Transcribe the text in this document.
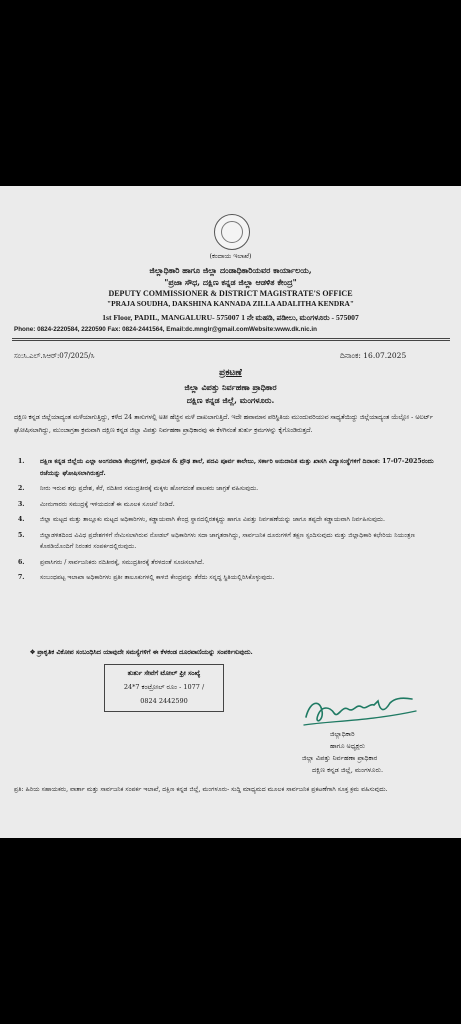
(ಕಂದಾಯ ಇಲಾಖೆ)
ಜಿಲ್ಲಾಧಿಕಾರಿ ಹಾಗೂ ಜಿಲ್ಲಾ ದಂಡಾಧಿಕಾರಿಯವರ ಕಾರ್ಯಾಲಯ,
"ಪ್ರಜಾ ಸೌಧ, ದಕ್ಷಿಣ ಕನ್ನಡ ಜಿಲ್ಲಾ ಆಡಳಿತ ಕೇಂದ್ರ"
DEPUTY COMMISSIONER & DISTRICT MAGISTRATE'S OFFICE
"PRAJA SOUDHA, DAKSHINA KANNADA ZILLA ADALITHA KENDRA"
1st Floor, PADIL, MANGALURU- 575007 1 ನೇ ಮಹಡಿ, ಪಡೀಲು, ಮಂಗಳೂರು - 575007
Phone: 0824-2220584, 2220590 Fax: 0824-2441564, Email:dc.mnglr@gmail.comWebsite:www.dk.nic.in
ಸಂ:ಸಿ.ಎಲ್.ಸಿಆರ್:07/2025/ಸಿ	ದಿನಾಂಕ: 16.07.2025
ಪ್ರಕಟಣೆ
ಜಿಲ್ಲಾ ವಿಪತ್ತು ನಿರ್ವಹಣಾ ಪ್ರಾಧಿಕಾರ
ದಕ್ಷಿಣ ಕನ್ನಡ ಜಿಲ್ಲೆ, ಮಂಗಳೂರು.
ದಕ್ಷಿಣ ಕನ್ನಡ ಜಿಲ್ಲೆಯಾದ್ಯಂತ ಮಳೆಯಾಗುತ್ತಿದ್ದು, ಕಳೆದ 24 ತಾಸುಗಳಲ್ಲಿ ಅತೀ ಹೆಚ್ಚಿನ ಮಳೆ ದಾಖಲಾಗುತ್ತಿದೆ. ಇದೇ ಹವಾಮಾನ ಪರಿಸ್ಥಿತಿಯ ಮುಂದುವರಿಯುವ ಸಾಧ್ಯತೆಯಿದ್ದು ಜಿಲ್ಲೆಯಾದ್ಯಂತ ಯೆಲ್ಲೋ - ಅಲರ್ಟ್ ಘೋಷಿಸಲಾಗಿದ್ದು, ಮುಂಜಾಗ್ರತಾ ಕ್ರಮವಾಗಿ ದಕ್ಷಿಣ ಕನ್ನಡ ಜಿಲ್ಲಾ ವಿಪತ್ತು ನಿರ್ವಹಣಾ ಪ್ರಾಧಿಕಾರವು ಈ ಕೆಳಗಿನಂತೆ ತುರ್ತು ಕ್ರಮಗಳನ್ನು ಕೈಗೊಂಡಿರುತ್ತದೆ.
1.	ದಕ್ಷಿಣ ಕನ್ನಡ ಜಿಲ್ಲೆಯ ಎಲ್ಲಾ ಅಂಗನವಾಡಿ ಕೇಂದ್ರಗಳಿಗೆ, ಪ್ರಾಥಮಿಕ & ಪ್ರೌಢ ಶಾಲೆ, ಪದವಿ ಪೂರ್ವ ಕಾಲೇಜು, ಸರ್ಕಾರಿ ಅನುದಾನಿತ ಮತ್ತು ಖಾಸಗಿ ವಿದ್ಯಾಸಂಸ್ಥೆಗಳಿಗೆ ದಿನಾಂಕ: 17-07-2025ರಂದು ರಜೆಯನ್ನು ಘೋಷಿಸಲಾಗಿರುತ್ತದೆ.
2.	ನೀರು ಇರುವ ತಗ್ಗು ಪ್ರದೇಶ, ಕೆರೆ, ನದಿತೀರ ಸಮುದ್ರತೀರಕ್ಕೆ ಮಕ್ಕಳು ಹೋಗದಂತೆ ಪಾಲಕರು ಜಾಗ್ರತೆ ವಹಿಸುವುದು.
3.	ಮೀನುಗಾರರು ಸಮುದ್ರಕ್ಕೆ ಇಳಿಯದಂತೆ ಈ ಮೂಲಕ ಸೂಚನೆ ನೀಡಿದೆ.
4.	ಜಿಲ್ಲಾ ಮಟ್ಟದ ಮತ್ತು ತಾಲ್ಲೂಕು ಮಟ್ಟದ ಅಧಿಕಾರಿಗಳು, ಕಡ್ಡಾಯವಾಗಿ ಕೇಂದ್ರ ಸ್ಥಾನದಲ್ಲಿರತಕ್ಕದ್ದು ಹಾಗೂ ವಿಪತ್ತು ನಿರ್ವಹಣೆಯನ್ನು ಜಾಗೂ ತಪ್ಪದೇ ಕಡ್ಡಾಯವಾಗಿ ನಿರ್ವಹಿಸುವುದು.
5.	ಜಿಲ್ಲಾಡಳಿತದಿಂದ ವಿವಿಧ ಪ್ರದೇಶಗಳಿಗೆ ನೇಮಿಸಲಾಗಿರುವ ನೋಡಲ್ ಅಧಿಕಾರಿಗಳು ಸದಾ ಜಾಗೃತರಾಗಿದ್ದು, ಸಾರ್ವಜನಿಕ ದೂರುಗಳಿಗೆ ತಕ್ಷಣ ಸ್ಪಂದಿಸುವುದು ಮತ್ತು ಜಿಲ್ಲಾಧಿಕಾರಿ ಕಛೇರಿಯ ನಿಯಂತ್ರಣ ಕೊಠಡಿಯೊಂದಿಗೆ ನಿರಂತರ ಸಂಪರ್ಕದಲ್ಲಿರುವುದು.
6.	ಪ್ರವಾಸಿಗರು / ಸಾರ್ವಜನಿಕರು ನದಿತೀರಕ್ಕೆ, ಸಮುದ್ರತೀರಕ್ಕೆ ತೆರಳದಂತೆ ಸೂಚಿಸಲಾಗಿದೆ.
7.	ಸಂಬಂಧಪಟ್ಟ ಇಲಾಖಾ ಅಧಿಕಾರಿಗಳು ಪ್ರತೀ ತಾಲೂಕುಗಳಲ್ಲಿ ಕಾಳಜಿ ಕೇಂದ್ರವನ್ನು ತೆರೆದು ಸನ್ನದ್ಧ ಸ್ಥಿತಿಯಲ್ಲಿರಿಸಿಕೊಳ್ಳುವುದು.
❖ ಪ್ರಾಕೃತಿಕ ವಿಕೋಪ ಸಂಬಂಧಿಸಿದ ಯಾವುದೇ ಸಮಸ್ಯೆಗಳಿಗೆ ಈ ಕೆಳಕಂಡ ದೂರವಾಣಿಯನ್ನು ಸಂಪರ್ಕಿಸುವುದು.
ತುರ್ತು ಸೇವೆಗೆ ಟೋಲ್ ಫ್ರೀ ಸಂಖ್ಯೆ
24*7 ಕಂಟ್ರೋಲ್ ರೂಂ - 1077 /
0824 2442590
ಜಿಲ್ಲಾಧಿಕಾರಿ
ಹಾಗೂ ಅಧ್ಯಕ್ಷರು
ಜಿಲ್ಲಾ ವಿಪತ್ತು ನಿರ್ವಹಣಾ ಪ್ರಾಧಿಕಾರ
ದಕ್ಷಿಣ ಕನ್ನಡ ಜಿಲ್ಲೆ, ಮಂಗಳೂರು.
ಪ್ರತಿ: ಹಿರಿಯ ಸಹಾಯಕರು, ವಾರ್ತಾ ಮತ್ತು ಸಾರ್ವಜನಿಕ ಸಂಪರ್ಕ ಇಲಾಖೆ, ದಕ್ಷಿಣ ಕನ್ನಡ ಜಿಲ್ಲೆ, ಮಂಗಳೂರು- ಸುದ್ದಿ ಮಾಧ್ಯಮದ ಮೂಲಕ ಸಾರ್ವಜನಿಕ ಪ್ರಕಟಣೆಗಾಗಿ ಸೂಕ್ತ ಕ್ರಮ ವಹಿಸುವುದು.
